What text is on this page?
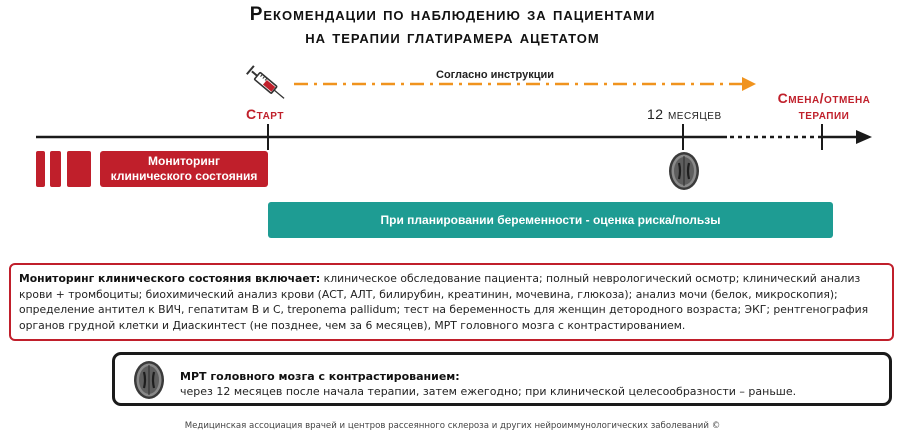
Рекомендации по наблюдению за пациентами
на терапии глатирамера ацетатом
Согласно инструкции
Старт	12 месяцев
Смена/отмена
терапии
Мониторинг
клинического состояния
При планировании беременности - оценка риска/пользы
Мониторинг клинического состояния включает: клиническое обследование пациента; полный неврологический осмотр; клинический анализ крови + тромбоциты; биохимический анализ крови (АСТ, АЛТ, билирубин, креатинин, мочевина, глюкоза); анализ мочи (белок, микроскопия); определение антител к ВИЧ, гепатитам В и С, treponema pallidum; тест на беременность для женщин детородного возраста; ЭКГ; рентгенография органов грудной клетки и Диаскинтест (не позднее, чем за 6 месяцев), МРТ головного мозга с контрастированием.
МРТ головного мозга с контрастированием:
через 12 месяцев после начала терапии, затем ежегодно; при клинической целесообразности – раньше.
Медицинская ассоциация врачей и центров рассеянного склероза и других нейроиммунологических заболеваний ©
